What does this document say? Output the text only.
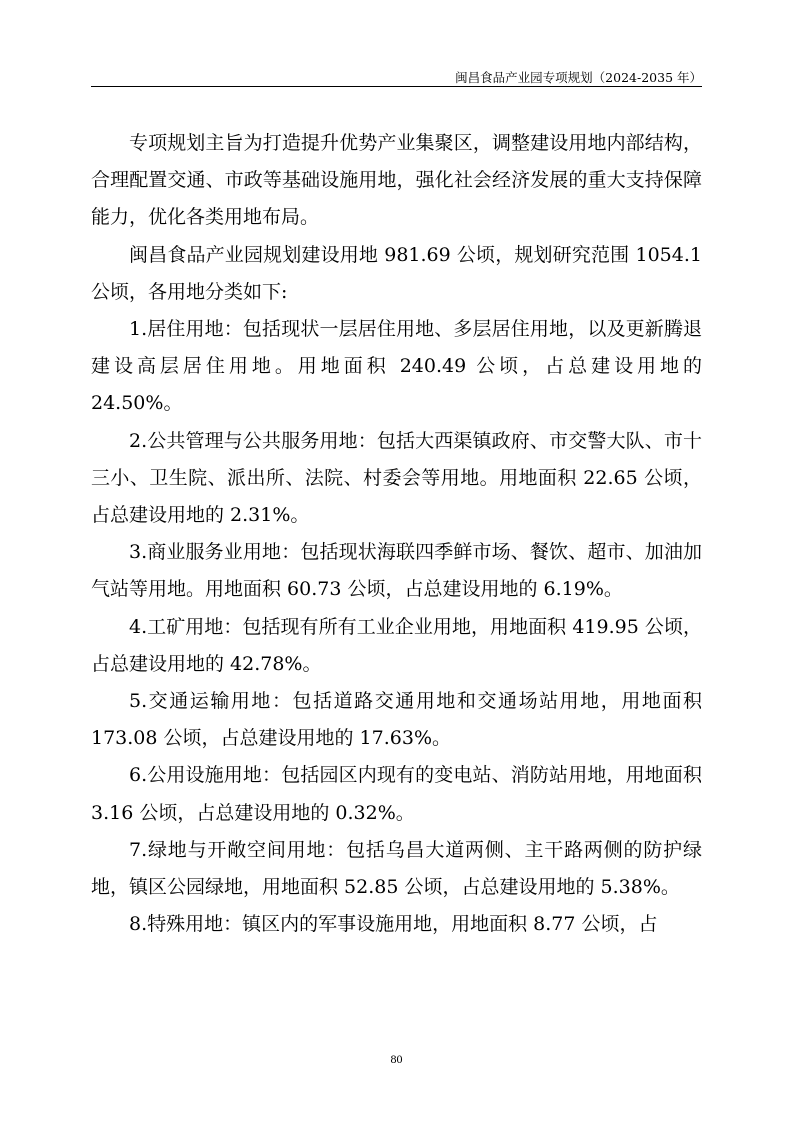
闽昌食品产业园专项规划（2024-2035 年）

专项规划主旨为打造提升优势产业集聚区，调整建设用地内部结构，合理配置交通、市政等基础设施用地，强化社会经济发展的重大支持保障能力，优化各类用地布局。

闽昌食品产业园规划建设用地 981.69 公顷，规划研究范围 1054.1 公顷，各用地分类如下:

1.居住用地：包括现状一层居住用地、多层居住用地，以及更新腾退建设高层居住用地。用地面积 240.49 公顷，占总建设用地的 24.50%。

2.公共管理与公共服务用地：包括大西渠镇政府、市交警大队、市十三小、卫生院、派出所、法院、村委会等用地。用地面积 22.65 公顷，占总建设用地的 2.31%。

3.商业服务业用地：包括现状海联四季鲜市场、餐饮、超市、加油加气站等用地。用地面积 60.73 公顷，占总建设用地的 6.19%。

4.工矿用地：包括现有所有工业企业用地，用地面积 419.95 公顷，占总建设用地的 42.78%。

5.交通运输用地：包括道路交通用地和交通场站用地，用地面积 173.08 公顷，占总建设用地的 17.63%。

6.公用设施用地：包括园区内现有的变电站、消防站用地，用地面积 3.16 公顷，占总建设用地的 0.32%。

7.绿地与开敞空间用地：包括乌昌大道两侧、主干路两侧的防护绿地，镇区公园绿地，用地面积 52.85 公顷，占总建设用地的 5.38%。

8.特殊用地：镇区内的军事设施用地，用地面积 8.77 公顷，占

80
